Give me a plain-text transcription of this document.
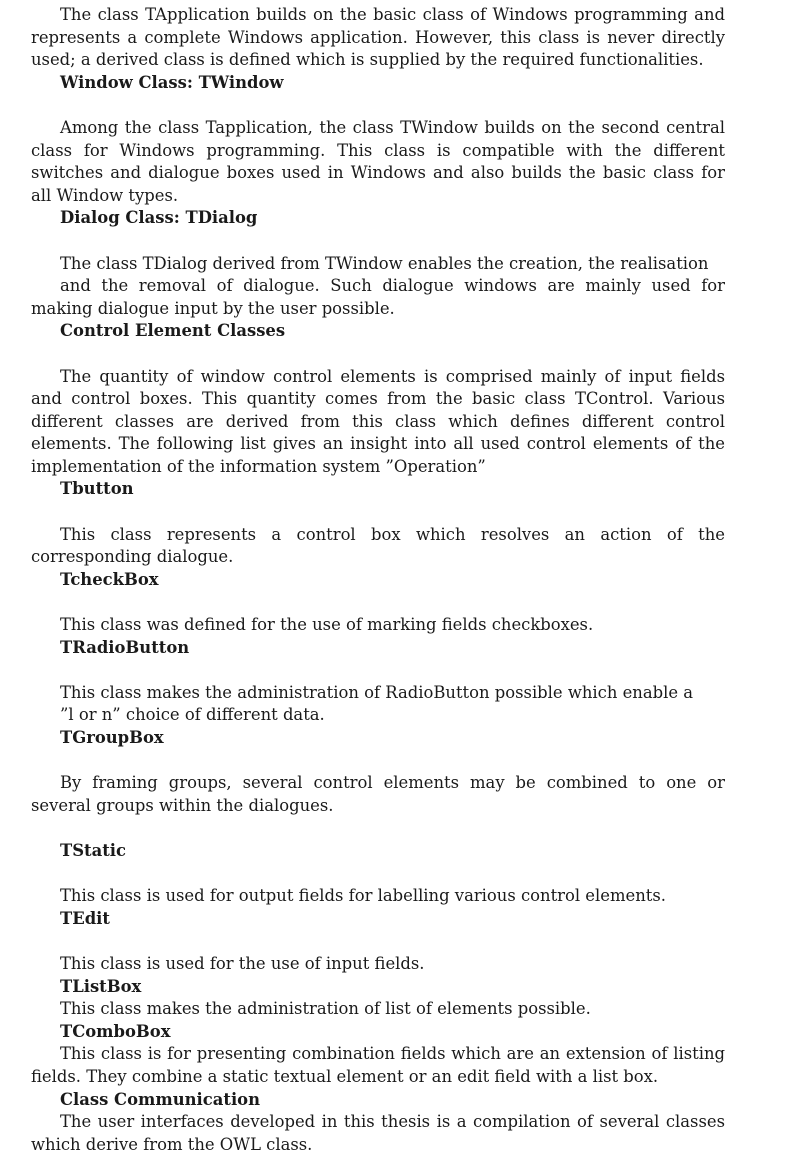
The class TApplication builds on the basic class of Windows programming and represents a complete Windows application. However, this class is never directly used; a derived class is defined which is supplied by the required functionalities.

Window Class: TWindow

Among the class Tapplication, the class TWindow builds on the second central class for Windows programming. This class is compatible with the different switches and dialogue boxes used in Windows and also builds the basic class for all Window types.

Dialog Class: TDialog

The class TDialog derived from TWindow enables the creation, the realisation

and the removal of dialogue. Such dialogue windows are mainly used for making dialogue input by the user possible.

Control Element Classes

The quantity of window control elements is comprised mainly of input fields and control boxes. This quantity comes from the basic class TControl. Various different classes are derived from this class which defines different control elements. The following list gives an insight into all used control elements of the implementation of the information system ”Operation”

Tbutton

This class represents a control box which resolves an action of the corresponding dialogue.

TcheckBox

This class was defined for the use of marking fields checkboxes.

TRadioButton

This class makes the administration of RadioButton possible which enable a

”l or n” choice of different data.

TGroupBox

By framing groups, several control elements may be combined to one or several groups within the dialogues.

TStatic

This class is used for output fields for labelling various control elements.

TEdit

This class is used for the use of input fields.

TListBox

This class makes the administration of list of elements possible.

TComboBox

This class is for presenting combination fields which are an extension of listing fields. They combine a static textual element or an edit field with a list box.

Class Communication

The user interfaces developed in this thesis is a compilation of several classes which derive from the OWL class.
